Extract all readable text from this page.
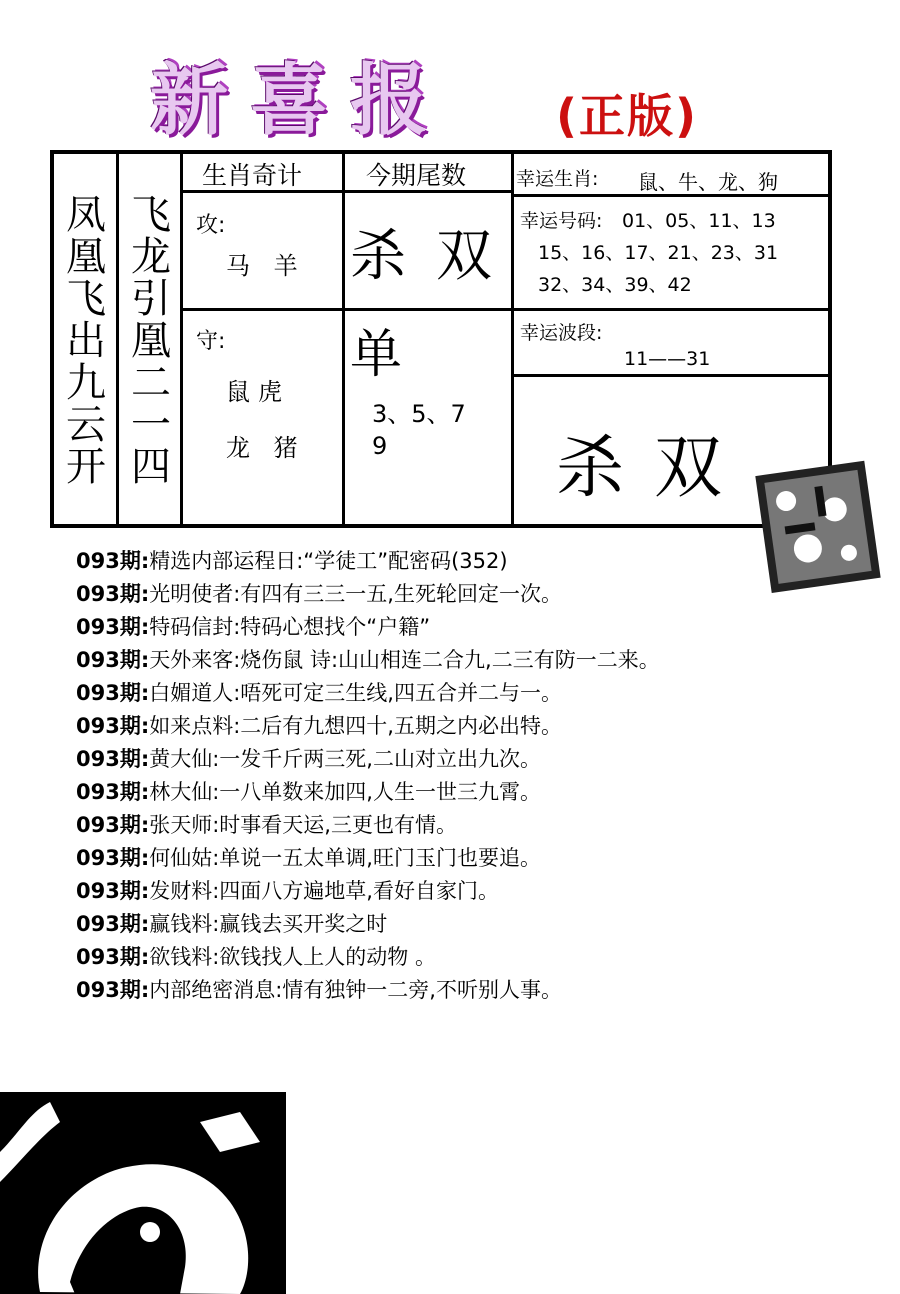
新喜报 (正版)
凤凰飞出九云开
飞龙引凰二一四
生肖奇计	今期尾数
攻:
马 羊
守:
鼠虎
龙 猪
杀双
单
3、5、7
9
幸运生肖: 鼠、牛、龙、狗
幸运号码: 01、05、11、13
15、16、17、21、23、31
32、34、39、42
幸运波段:
11——31
杀双
093期:精选内部运程日:“学徒工”配密码(352)
093期:光明使者:有四有三三一五,生死轮回定一次。
093期:特码信封:特码心想找个“户籍”
093期:天外来客:烧伤鼠 诗:山山相连二合九,二三有防一二来。
093期:白媚道人:唔死可定三生线,四五合并二与一。
093期:如来点料:二后有九想四十,五期之内必出特。
093期:黄大仙:一发千斤两三死,二山对立出九次。
093期:林大仙:一八单数来加四,人生一世三九霄。
093期:张天师:时事看天运,三更也有情。
093期:何仙姑:单说一五太单调,旺门玉门也要追。
093期:发财料:四面八方遍地草,看好自家门。
093期:赢钱料:赢钱去买开奖之时
093期:欲钱料:欲钱找人上人的动物 。
093期:内部绝密消息:情有独钟一二旁,不听别人事。
